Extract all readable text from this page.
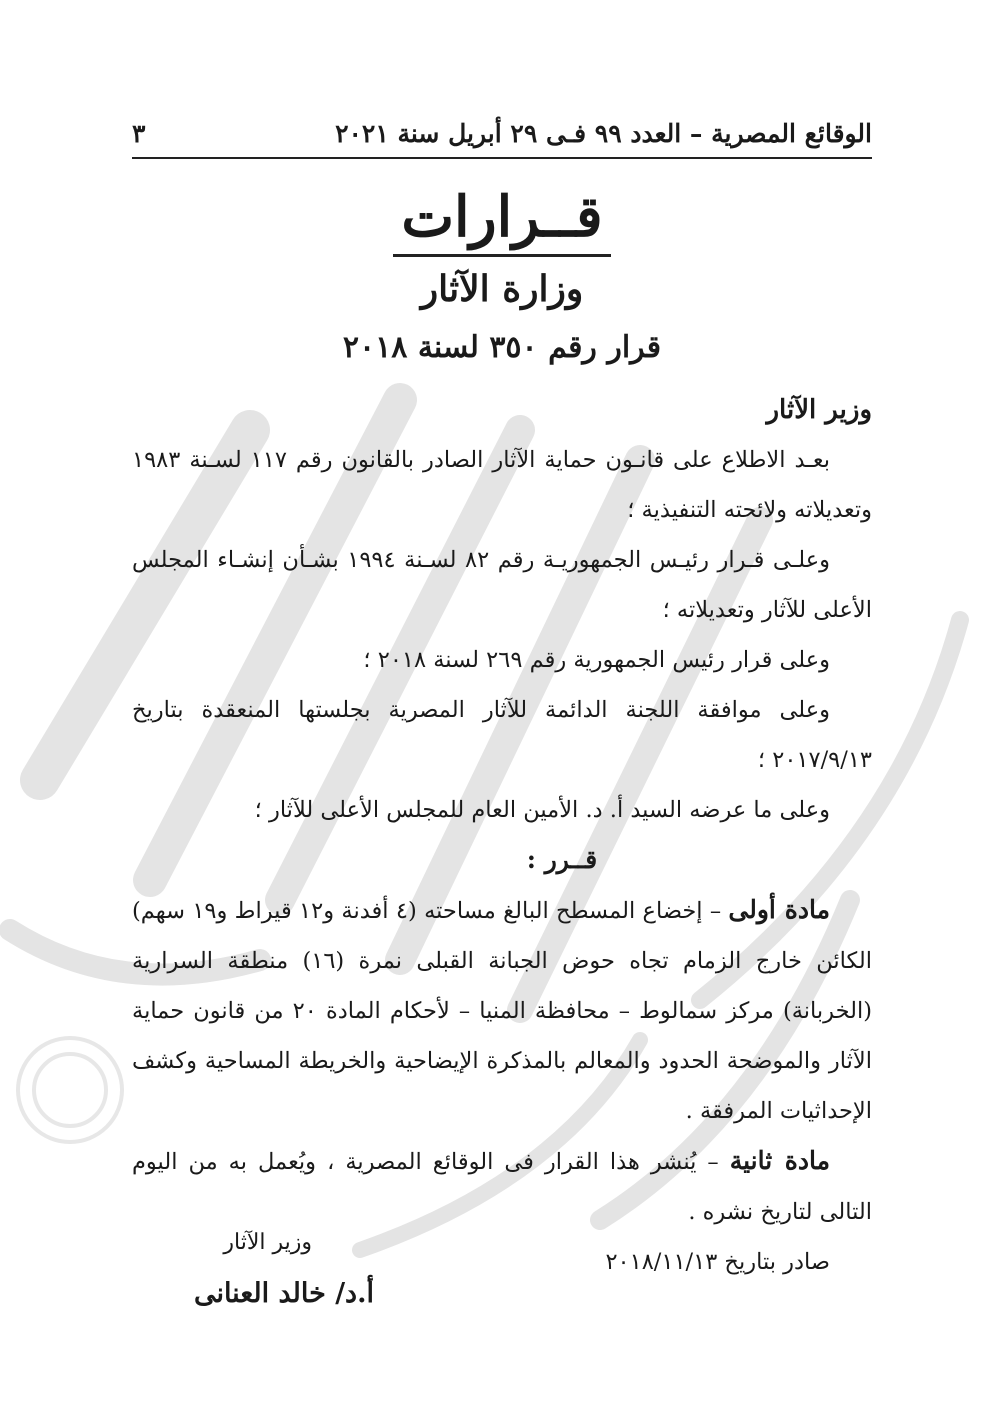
الوقائع المصرية – العدد ٩٩ فـى ٢٩ أبريل سنة ٢٠٢١
٣
قــرارات
وزارة الآثار
قرار رقم ٣٥٠ لسنة ٢٠١٨

وزير الآثار

بعـد الاطلاع على قانـون حماية الآثار الصادر بالقانون رقم ١١٧ لسـنة ١٩٨٣ وتعديلاته ولائحته التنفيذية ؛

وعلـى قـرار رئيـس الجمهوريـة رقم ٨٢ لسـنة ١٩٩٤ بشـأن إنشـاء المجلس الأعلى للآثار وتعديلاته ؛

وعلى قرار رئيس الجمهورية رقم ٢٦٩ لسنة ٢٠١٨ ؛

وعلى موافقة اللجنة الدائمة للآثار المصرية بجلستها المنعقدة بتاريخ ٢٠١٧/٩/١٣ ؛

وعلى ما عرضه السيد أ. د. الأمين العام للمجلس الأعلى للآثار ؛

قــرر :

مادة أولى – إخضاع المسطح البالغ مساحته (٤ أفدنة و١٢ قيراط و١٩ سهم) الكائن خارج الزمام تجاه حوض الجبانة القبلى نمرة (١٦) منطقة السرارية (الخربانة) مركز سمالوط – محافظة المنيا – لأحكام المادة ٢٠ من قانون حماية الآثار والموضحة الحدود والمعالم بالمذكرة الإيضاحية والخريطة المساحية وكشف الإحداثيات المرفقة .

مادة ثانية – يُنشر هذا القرار فى الوقائع المصرية ، ويُعمل به من اليوم التالى لتاريخ نشره .

صادر بتاريخ ٢٠١٨/١١/١٣

وزير الآثار
أ.د/ خالد العنانى
